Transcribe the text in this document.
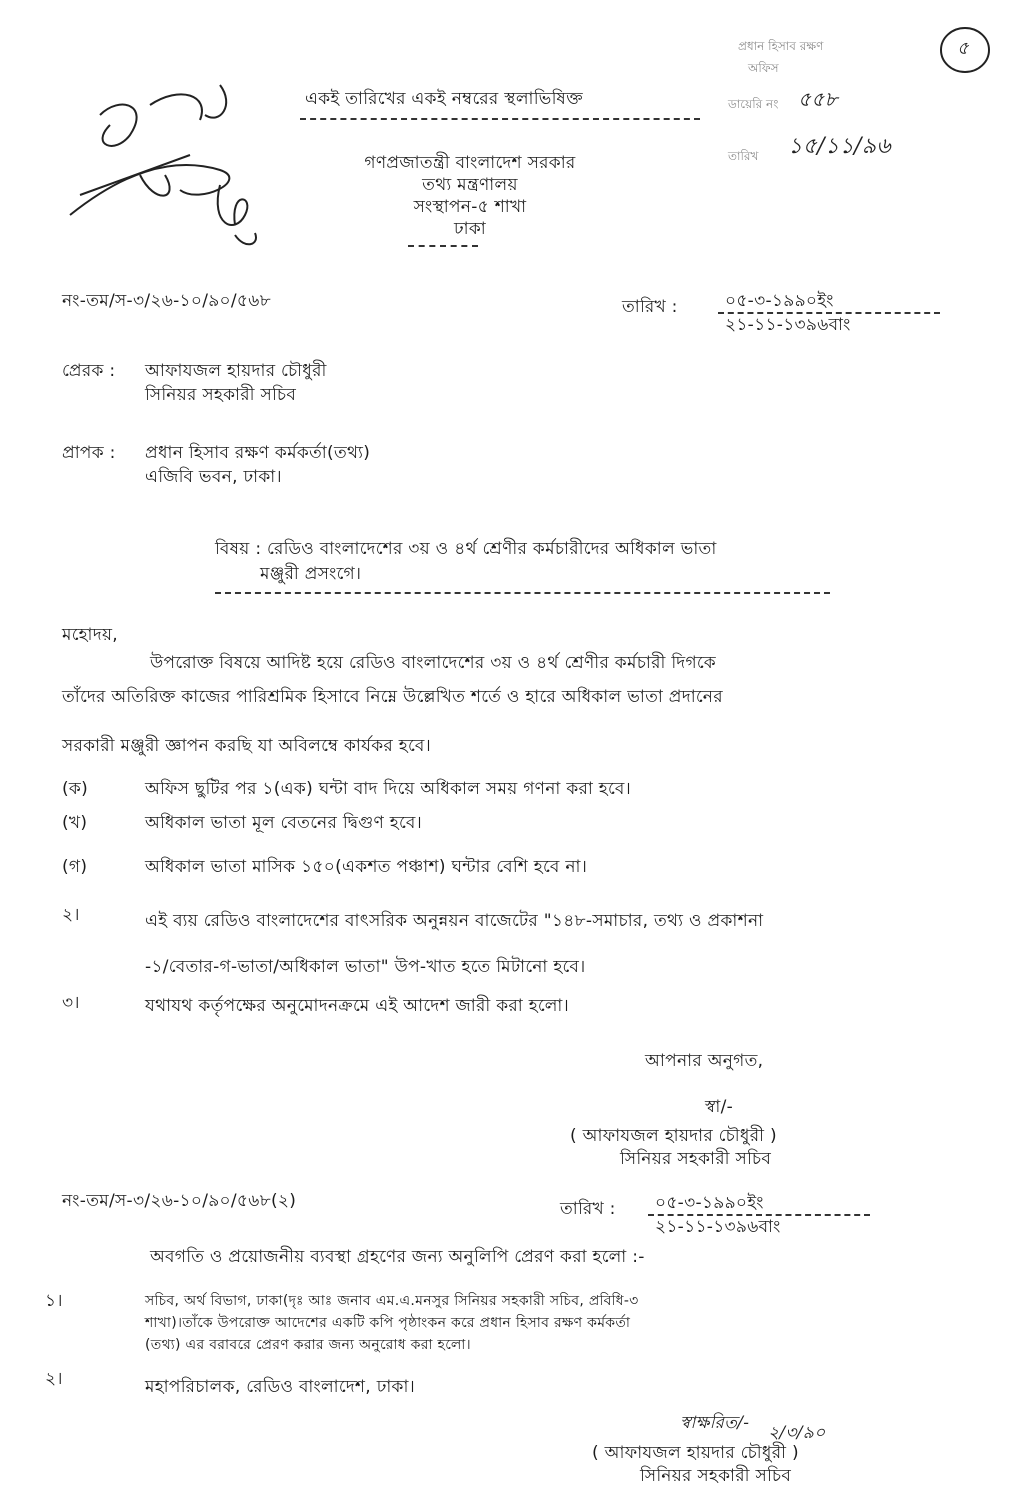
একই তারিখের একই নম্বরের স্থলাভিষিক্ত
গণপ্রজাতন্ত্রী বাংলাদেশ সরকার
তথ্য মন্ত্রণালয়
সংস্থাপন-৫ শাখা
ঢাকা
প্রধান হিসাব রক্ষণ
অফিস
ডায়েরি নং ৫৫৮
তারিখ ১৫/১১/৯৬
৫
নং-তম/স-৩/২৬-১০/৯০/৫৬৮	তারিখ :	০৫-৩-১৯৯০ইং
২১-১১-১৩৯৬বাং
প্রেরক : আফাযজল হায়দার চৌধুরী
সিনিয়র সহকারী সচিব
প্রাপক : প্রধান হিসাব রক্ষণ কর্মকর্তা(তথ্য)
এজিবি ভবন, ঢাকা।
বিষয় : রেডিও বাংলাদেশের ৩য় ও ৪র্থ শ্রেণীর কর্মচারীদের অধিকাল ভাতা
মঞ্জুরী প্রসংগে।
মহোদয়,
উপরোক্ত বিষয়ে আদিষ্ট হয়ে রেডিও বাংলাদেশের ৩য় ও ৪র্থ শ্রেণীর কর্মচারী দিগকে
তাঁদের অতিরিক্ত কাজের পারিশ্রমিক হিসাবে নিম্নে উল্লেখিত শর্তে ও হারে অধিকাল ভাতা প্রদানের
সরকারী মঞ্জুরী জ্ঞাপন করছি যা অবিলম্বে কার্যকর হবে।
(ক)	অফিস ছুটির পর ১(এক) ঘন্টা বাদ দিয়ে অধিকাল সময় গণনা করা হবে।
(খ)	অধিকাল ভাতা মূল বেতনের দ্বিগুণ হবে।
(গ)	অধিকাল ভাতা মাসিক ১৫০(একশত পঞ্চাশ) ঘন্টার বেশি হবে না।
২।	এই ব্যয় রেডিও বাংলাদেশের বাৎসরিক অনুন্নয়ন বাজেটের "১৪৮-সমাচার, তথ্য ও প্রকাশনা
-১/বেতার-গ-ভাতা/অধিকাল ভাতা" উপ-খাত হতে মিটানো হবে।
৩।	যথাযথ কর্তৃপক্ষের অনুমোদনক্রমে এই আদেশ জারী করা হলো।
আপনার অনুগত,
স্বা/-
( আফাযজল হায়দার চৌধুরী )
সিনিয়র সহকারী সচিব
নং-তম/স-৩/২৬-১০/৯০/৫৬৮(২)	তারিখ : ০৫-৩-১৯৯০ইং
২১-১১-১৩৯৬বাং
অবগতি ও প্রয়োজনীয় ব্যবস্থা গ্রহণের জন্য অনুলিপি প্রেরণ করা হলো :-
১।	সচিব, অর্থ বিভাগ, ঢাকা(দৃঃ আঃ জনাব এম.এ.মনসুর সিনিয়র সহকারী সচিব, প্রবিধি-৩
শাখা)।তাঁকে উপরোক্ত আদেশের একটি কপি পৃষ্ঠাংকন করে প্রধান হিসাব রক্ষণ কর্মকর্তা
(তথ্য) এর বরাবরে প্রেরণ করার জন্য অনুরোধ করা হলো।
২।	মহাপরিচালক, রেডিও বাংলাদেশ, ঢাকা।
স্বাক্ষরিত/- ২/৩/৯০
( আফাযজল হায়দার চৌধুরী )
সিনিয়র সহকারী সচিব
